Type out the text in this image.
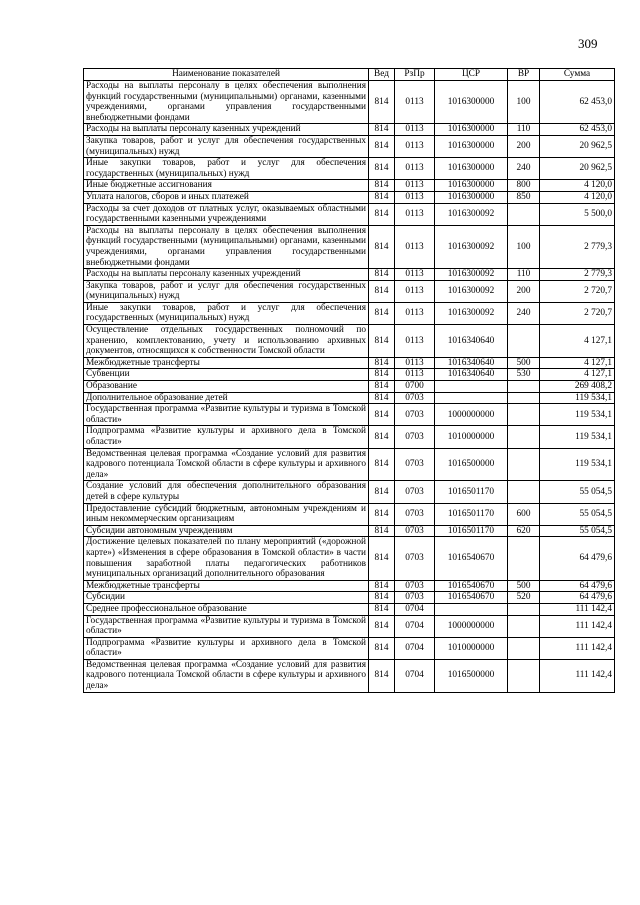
309
Наименование показателей	Вед	РзПр	ЦСР	ВР	Сумма
Расходы на выплаты персоналу в целях обеспечения выполнения функций государственными (муниципальными) органами, казенными учреждениями, органами управления государственными внебюджетными фондами	814	0113	1016300000	100	62 453,0
Расходы на выплаты персоналу казенных учреждений	814	0113	1016300000	110	62 453,0
Закупка товаров, работ и услуг для обеспечения государственных (муниципальных) нужд	814	0113	1016300000	200	20 962,5
Иные закупки товаров, работ и услуг для обеспечения государственных (муниципальных) нужд	814	0113	1016300000	240	20 962,5
Иные бюджетные ассигнования	814	0113	1016300000	800	4 120,0
Уплата налогов, сборов и иных платежей	814	0113	1016300000	850	4 120,0
Расходы за счет доходов от платных услуг, оказываемых областными государственными казенными учреждениями	814	0113	1016300092		5 500,0
Расходы на выплаты персоналу в целях обеспечения выполнения функций государственными (муниципальными) органами, казенными учреждениями, органами управления государственными внебюджетными фондами	814	0113	1016300092	100	2 779,3
Расходы на выплаты персоналу казенных учреждений	814	0113	1016300092	110	2 779,3
Закупка товаров, работ и услуг для обеспечения государственных (муниципальных) нужд	814	0113	1016300092	200	2 720,7
Иные закупки товаров, работ и услуг для обеспечения государственных (муниципальных) нужд	814	0113	1016300092	240	2 720,7
Осуществление отдельных государственных полномочий по хранению, комплектованию, учету и использованию архивных документов, относящихся к собственности Томской области	814	0113	1016340640		4 127,1
Межбюджетные трансферты	814	0113	1016340640	500	4 127,1
Субвенции	814	0113	1016340640	530	4 127,1
Образование	814	0700			269 408,2
Дополнительное образование детей	814	0703			119 534,1
Государственная программа «Развитие культуры и туризма в Томской области»	814	0703	1000000000		119 534,1
Подпрограмма «Развитие культуры и архивного дела в Томской области»	814	0703	1010000000		119 534,1
Ведомственная целевая программа «Создание условий для развития кадрового потенциала Томской области в сфере культуры и архивного дела»	814	0703	1016500000		119 534,1
Создание условий для обеспечения дополнительного образования детей в сфере культуры	814	0703	1016501170		55 054,5
Предоставление субсидий бюджетным, автономным учреждениям и иным некоммерческим организациям	814	0703	1016501170	600	55 054,5
Субсидии автономным учреждениям	814	0703	1016501170	620	55 054,5
Достижение целевых показателей по плану мероприятий («дорожной карте») «Изменения в сфере образования в Томской области» в части повышения заработной платы педагогических работников муниципальных организаций дополнительного образования	814	0703	1016540670		64 479,6
Межбюджетные трансферты	814	0703	1016540670	500	64 479,6
Субсидии	814	0703	1016540670	520	64 479,6
Среднее профессиональное образование	814	0704			111 142,4
Государственная программа «Развитие культуры и туризма в Томской области»	814	0704	1000000000		111 142,4
Подпрограмма «Развитие культуры и архивного дела в Томской области»	814	0704	1010000000		111 142,4
Ведомственная целевая программа «Создание условий для развития кадрового потенциала Томской области в сфере культуры и архивного дела»	814	0704	1016500000		111 142,4
